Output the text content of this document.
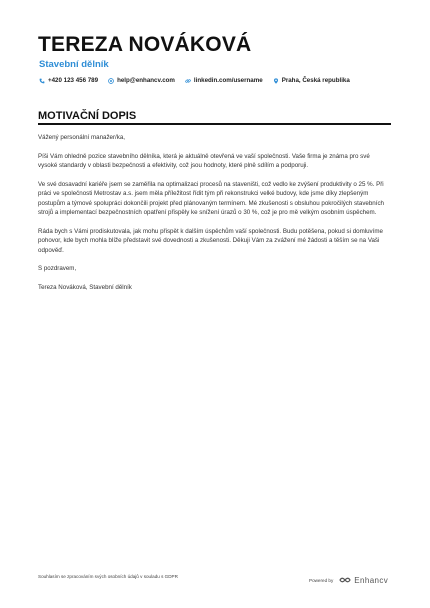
TEREZA NOVÁKOVÁ
Stavební dělník
+420 123 456 789	help@enhancv.com	linkedin.com/username	Praha, Česká republika
MOTIVAČNÍ DOPIS

Vážený personální manažer/ka,

Píši Vám ohledně pozice stavebního dělníka, která je aktuálně otevřená ve vaší společnosti. Vaše firma je známa pro své vysoké standardy v oblasti bezpečnosti a efektivity, což jsou hodnoty, které plně sdílím a podporuji.

Ve své dosavadní kariéře jsem se zaměřila na optimalizaci procesů na staveništi, což vedlo ke zvýšení produktivity o 25 %. Při práci ve společnosti Metrostav a.s. jsem měla příležitost řídit tým při rekonstrukci velké budovy, kde jsme díky zlepšeným postupům a týmové spolupráci dokončili projekt před plánovaným termínem. Mé zkušenosti s obsluhou pokročilých stavebních strojů a implementací bezpečnostních opatření přispěly ke snížení úrazů o 30 %, což je pro mě velkým osobním úspěchem.

Ráda bych s Vámi prodiskutovala, jak mohu přispět k dalším úspěchům vaší společnosti. Budu potěšena, pokud si domluvíme pohovor, kde bych mohla blíže představit své dovednosti a zkušenosti. Děkuji Vám za zvážení mé žádosti a těším se na Vaši odpověď.

S pozdravem,

Tereza Nováková, Stavební dělník

Souhlasím se zpracováním svých osobních údajů v souladu s GDPR
Powered by	Enhancv
